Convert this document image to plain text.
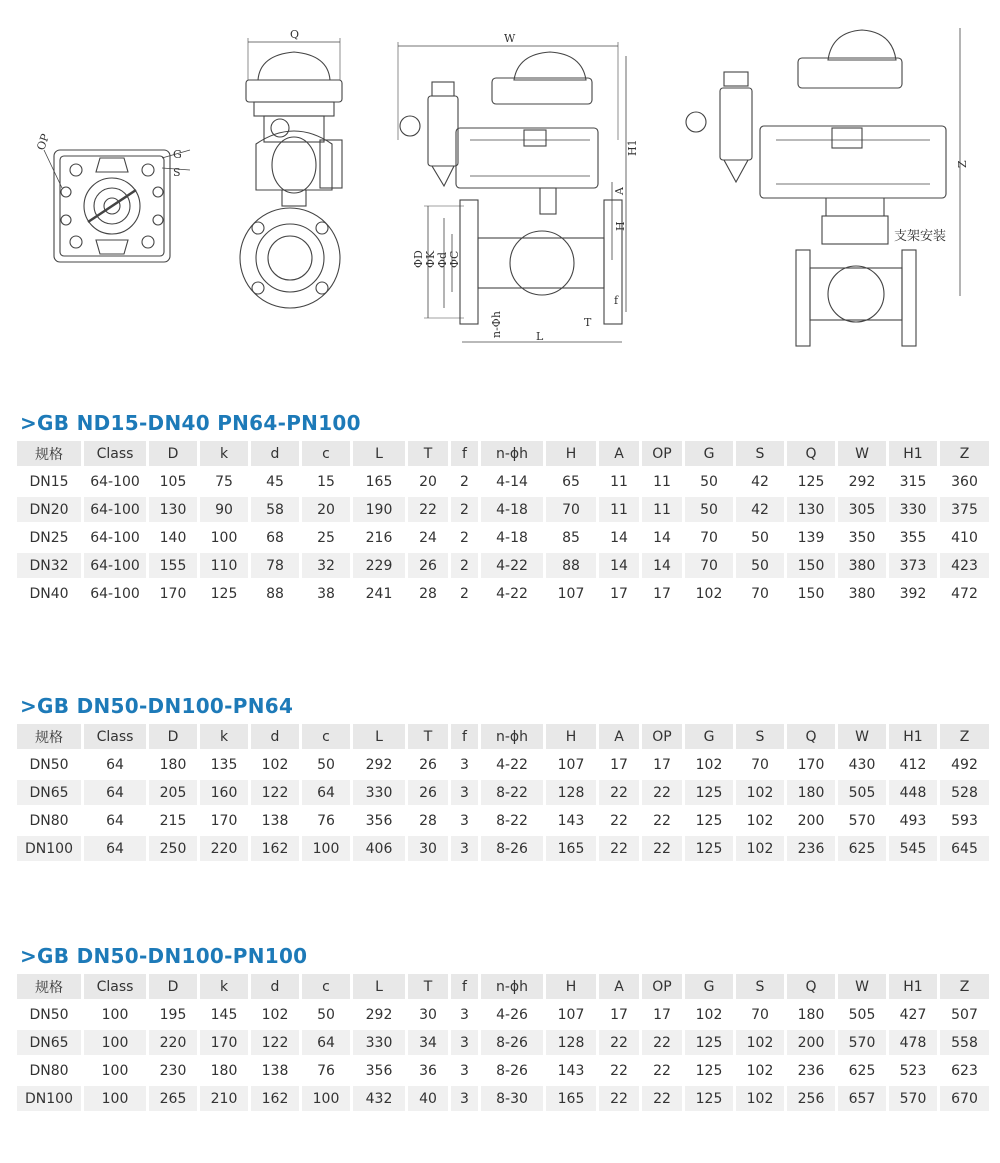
OP
G
S
Q	W
H1
A
H
ΦD ΦK Φd ΦC
n-Φh	L
f
T
Z
支架安装
>GB ND15-DN40 PN64-PN100
规格	Class	D	k	d	c	L	T	f	n-ϕh	H	A	OP	G	S	Q	W	H1	Z
DN15	64-100	105	75	45	15	165	20	2	4-14	65	11	11	50	42	125	292	315	360
DN20	64-100	130	90	58	20	190	22	2	4-18	70	11	11	50	42	130	305	330	375
DN25	64-100	140	100	68	25	216	24	2	4-18	85	14	14	70	50	139	350	355	410
DN32	64-100	155	110	78	32	229	26	2	4-22	88	14	14	70	50	150	380	373	423
DN40	64-100	170	125	88	38	241	28	2	4-22	107	17	17	102	70	150	380	392	472
>GB DN50-DN100-PN64
规格	Class	D	k	d	c	L	T	f	n-ϕh	H	A	OP	G	S	Q	W	H1	Z
DN50	64	180	135	102	50	292	26	3	4-22	107	17	17	102	70	170	430	412	492
DN65	64	205	160	122	64	330	26	3	8-22	128	22	22	125	102	180	505	448	528
DN80	64	215	170	138	76	356	28	3	8-22	143	22	22	125	102	200	570	493	593
DN100	64	250	220	162	100	406	30	3	8-26	165	22	22	125	102	236	625	545	645
>GB DN50-DN100-PN100
规格	Class	D	k	d	c	L	T	f	n-ϕh	H	A	OP	G	S	Q	W	H1	Z
DN50	100	195	145	102	50	292	30	3	4-26	107	17	17	102	70	180	505	427	507
DN65	100	220	170	122	64	330	34	3	8-26	128	22	22	125	102	200	570	478	558
DN80	100	230	180	138	76	356	36	3	8-26	143	22	22	125	102	236	625	523	623
DN100	100	265	210	162	100	432	40	3	8-30	165	22	22	125	102	256	657	570	670
